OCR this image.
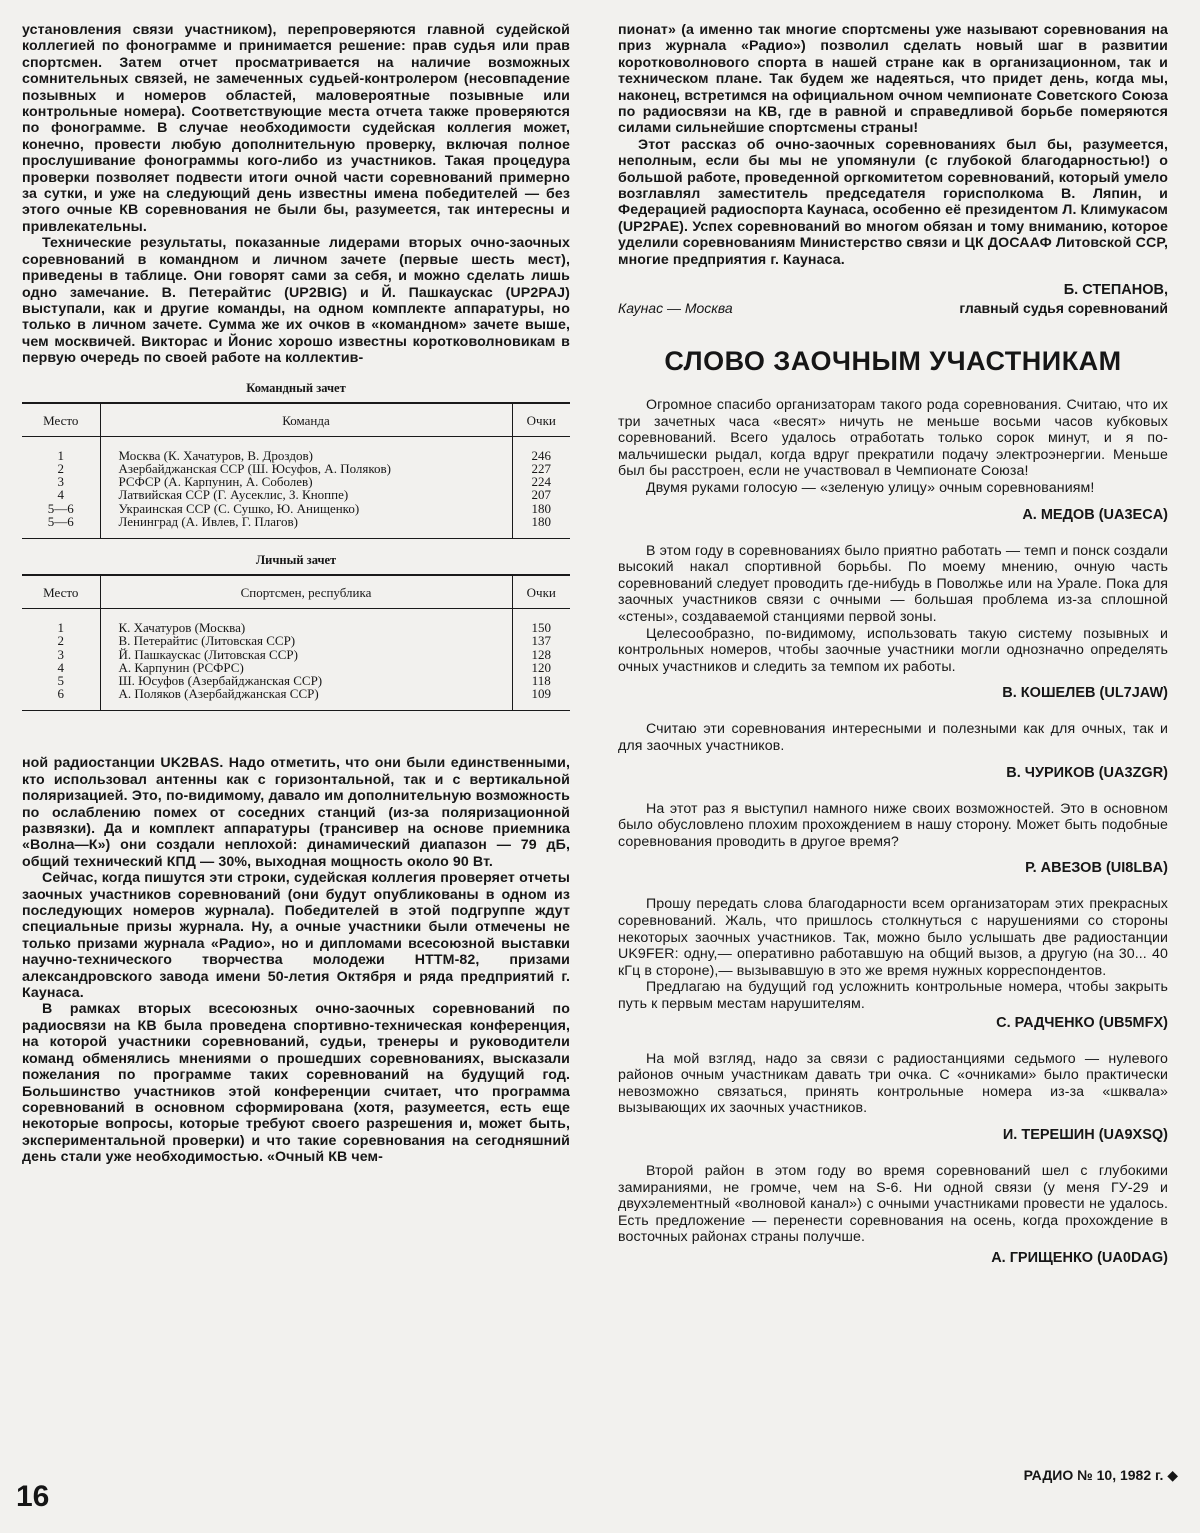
установления связи участником), перепроверяются главной судейской коллегией по фонограмме и принимается решение: прав судья или прав спортсмен. Затем отчет просматривается на наличие возможных сомнительных связей, не замеченных судьей-контролером (несовпадение позывных и номеров областей, маловероятные позывные или контрольные номера). Соответствующие места отчета также проверяются по фонограмме. В случае необходимости судейская коллегия может, конечно, провести любую дополнительную проверку, включая полное прослушивание фонограммы кого-либо из участников. Такая процедура проверки позволяет подвести итоги очной части соревнований примерно за сутки, и уже на следующий день известны имена победителей — без этого очные КВ соревнования не были бы, разумеется, так интересны и привлекательны.

Технические результаты, показанные лидерами вторых очно-заочных соревнований в командном и личном зачете (первые шесть мест), приведены в таблице. Они говорят сами за себя, и можно сделать лишь одно замечание. В. Петерайтис (UP2BIG) и Й. Пашкаускас (UP2PAJ) выступали, как и другие команды, на одном комплекте аппаратуры, но только в личном зачете. Сумма же их очков в «командном» зачете выше, чем москвичей. Викторас и Йонис хорошо известны коротковолновикам в первую очередь по своей работе на коллектив-

Командный зачет
Место	Команда	Очки
1	Москва (К. Хачатуров, В. Дроздов)	246
2	Азербайджанская ССР (Ш. Юсуфов, А. Поляков)	227
3	РСФСР (А. Карпунин, А. Соболев)	224
4	Латвийская ССР (Г. Аусеклис, З. Кноппе)	207
5—6	Украинская ССР (С. Сушко, Ю. Анищенко)	180
5—6	Ленинград (А. Ивлев, Г. Плагов)	180
Личный зачет
Место	Спортсмен, республика	Очки
1	К. Хачатуров (Москва)	150
2	В. Петерайтис (Литовская ССР)	137
3	Й. Пашкаускас (Литовская ССР)	128
4	А. Карпунин (РСФРС)	120
5	Ш. Юсуфов (Азербайджанская ССР)	118
6	А. Поляков (Азербайджанская ССР)	109

ной радиостанции UK2BAS. Надо отметить, что они были единственными, кто использовал антенны как с горизонтальной, так и с вертикальной поляризацией. Это, по-видимому, давало им дополнительную возможность по ослаблению помех от соседних станций (из-за поляризационной развязки). Да и комплект аппаратуры (трансивер на основе приемника «Волна—К») они создали неплохой: динамический диапазон — 79 дБ, общий технический КПД — 30%, выходная мощность около 90 Вт.

Сейчас, когда пишутся эти строки, судейская коллегия проверяет отчеты заочных участников соревнований (они будут опубликованы в одном из последующих номеров журнала). Победителей в этой подгруппе ждут специальные призы журнала. Ну, а очные участники были отмечены не только призами журнала «Радио», но и дипломами всесоюзной выставки научно-технического творчества молодежи НТТМ-82, призами александровского завода имени 50-летия Октября и ряда предприятий г. Каунаса.

В рамках вторых всесоюзных очно-заочных соревнований по радиосвязи на КВ была проведена спортивно-техническая конференция, на которой участники соревнований, судьи, тренеры и руководители команд обменялись мнениями о прошедших соревнованиях, высказали пожелания по программе таких соревнований на будущий год. Большинство участников этой конференции считает, что программа соревнований в основном сформирована (хотя, разумеется, есть еще некоторые вопросы, которые требуют своего разрешения и, может быть, экспериментальной проверки) и что такие соревнования на сегодняшний день стали уже необходимостью. «Очный КВ чем-

пионат» (а именно так многие спортсмены уже называют соревнования на приз журнала «Радио») позволил сделать новый шаг в развитии коротковолнового спорта в нашей стране как в организационном, так и техническом плане. Так будем же надеяться, что придет день, когда мы, наконец, встретимся на официальном очном чемпионате Советского Союза по радиосвязи на КВ, где в равной и справедливой борьбе померяются силами сильнейшие спортсмены страны!

Этот рассказ об очно-заочных соревнованиях был бы, разумеется, неполным, если бы мы не упомянули (с глубокой благодарностью!) о большой работе, проведенной оргкомитетом соревнований, который умело возглавлял заместитель председателя горисполкома В. Ляпин, и Федерацией радиоспорта Каунаса, особенно её президентом Л. Климукасом (UP2PAE). Успех соревнований во многом обязан и тому вниманию, которое уделили соревнованиям Министерство связи и ЦК ДОСААФ Литовской ССР, многие предприятия г. Каунаса.

Б. СТЕПАНОВ,
Каунас — Москва	главный судья соревнований
СЛОВО ЗАОЧНЫМ УЧАСТНИКАМ

Огромное спасибо организаторам такого рода соревнования. Считаю, что их три зачетных часа «весят» ничуть не меньше восьми часов кубковых соревнований. Всего удалось отработать только сорок минут, и я по-мальчишески рыдал, когда вдруг прекратили подачу электроэнергии. Меньше был бы расстроен, если не участвовал в Чемпионате Союза!

Двумя руками голосую — «зеленую улицу» очным соревнованиям!

А. МЕДОВ (UA3ECA)

В этом году в соревнованиях было приятно работать — темп и понск создали высокий накал спортивной борьбы. По моему мнению, очную часть соревнований следует проводить где-нибудь в Поволжье или на Урале. Пока для заочных участников связи с очными — большая проблема из-за сплошной «стены», создаваемой станциями первой зоны.

Целесообразно, по-видимому, использовать такую систему позывных и контрольных номеров, чтобы заочные участники могли однозначно определять очных участников и следить за темпом их работы.

В. КОШЕЛЕВ (UL7JAW)

Считаю эти соревнования интересными и полезными как для очных, так и для заочных участников.

В. ЧУРИКОВ (UA3ZGR)

На этот раз я выступил намного ниже своих возможностей. Это в основном было обусловлено плохим прохождением в нашу сторону. Может быть подобные соревнования проводить в другое время?

Р. АВЕЗОВ (UI8LBA)

Прошу передать слова благодарности всем организаторам этих прекрасных соревнований. Жаль, что пришлось столкнуться с нарушениями со стороны некоторых заочных участников. Так, можно было услышать две радиостанции UK9FER: одну,— оперативно работавшую на общий вызов, а другую (на 30... 40 кГц в стороне),— вызывавшую в это же время нужных корреспондентов.

Предлагаю на будущий год усложнить контрольные номера, чтобы закрыть путь к первым местам нарушителям.

С. РАДЧЕНКО (UB5MFX)

На мой взгляд, надо за связи с радиостанциями седьмого — нулевого районов очным участникам давать три очка. С «очниками» было практически невозможно связаться, принять контрольные номера из-за «шквала» вызывающих их заочных участников.

И. ТЕРЕШИН (UA9XSQ)

Второй район в этом году во время соревнований шел с глубокими замираниями, не громче, чем на S-6. Ни одной связи (у меня ГУ-29 и двухэлементный «волновой канал») с очными участниками провести не удалось. Есть предложение — перенести соревнования на осень, когда прохождение в восточных районах страны получше.

А. ГРИЩЕНКО (UA0DAG)
РАДИО № 10, 1982 г. ◆
16
